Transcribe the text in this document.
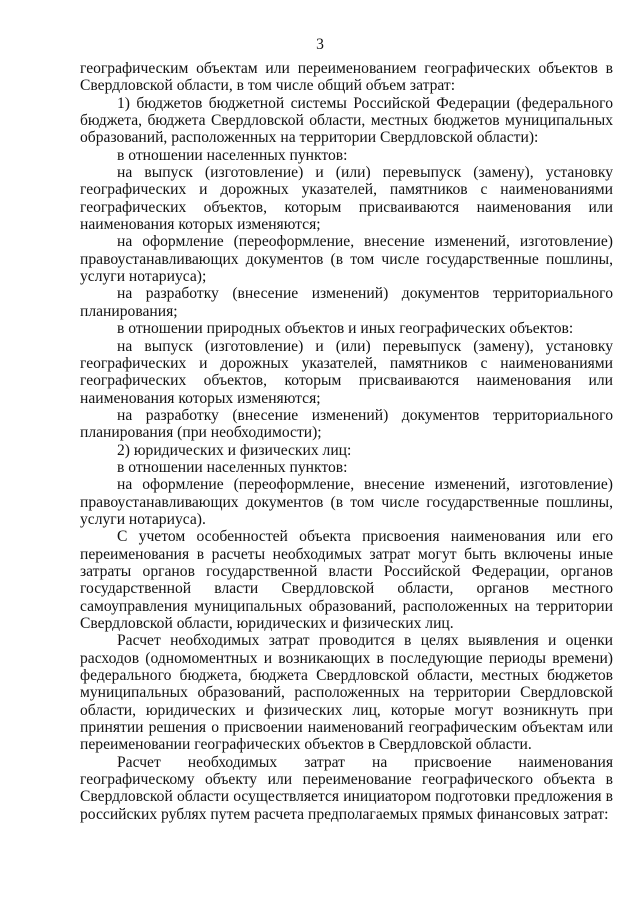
3

географическим объектам или переименованием географических объектов в Свердловской области, в том числе общий объем затрат:

1) бюджетов бюджетной системы Российской Федерации (федерального бюджета, бюджета Свердловской области, местных бюджетов муниципальных образований, расположенных на территории Свердловской области):

в отношении населенных пунктов:

на выпуск (изготовление) и (или) перевыпуск (замену), установку географических и дорожных указателей, памятников с наименованиями географических объектов, которым присваиваются наименования или наименования которых изменяются;

на оформление (переоформление, внесение изменений, изготовление) правоустанавливающих документов (в том числе государственные пошлины, услуги нотариуса);

на разработку (внесение изменений) документов территориального планирования;

в отношении природных объектов и иных географических объектов:

на выпуск (изготовление) и (или) перевыпуск (замену), установку географических и дорожных указателей, памятников с наименованиями географических объектов, которым присваиваются наименования или наименования которых изменяются;

на разработку (внесение изменений) документов территориального планирования (при необходимости);

2) юридических и физических лиц:

в отношении населенных пунктов:

на оформление (переоформление, внесение изменений, изготовление) правоустанавливающих документов (в том числе государственные пошлины, услуги нотариуса).

С учетом особенностей объекта присвоения наименования или его переименования в расчеты необходимых затрат могут быть включены иные затраты органов государственной власти Российской Федерации, органов государственной власти Свердловской области, органов местного самоуправления муниципальных образований, расположенных на территории Свердловской области, юридических и физических лиц.

Расчет необходимых затрат проводится в целях выявления и оценки расходов (одномоментных и возникающих в последующие периоды времени) федерального бюджета, бюджета Свердловской области, местных бюджетов муниципальных образований, расположенных на территории Свердловской области, юридических и физических лиц, которые могут возникнуть при принятии решения о присвоении наименований географическим объектам или переименовании географических объектов в Свердловской области.

Расчет необходимых затрат на присвоение наименования географическому объекту или переименование географического объекта в Свердловской области осуществляется инициатором подготовки предложения в российских рублях путем расчета предполагаемых прямых финансовых затрат:
